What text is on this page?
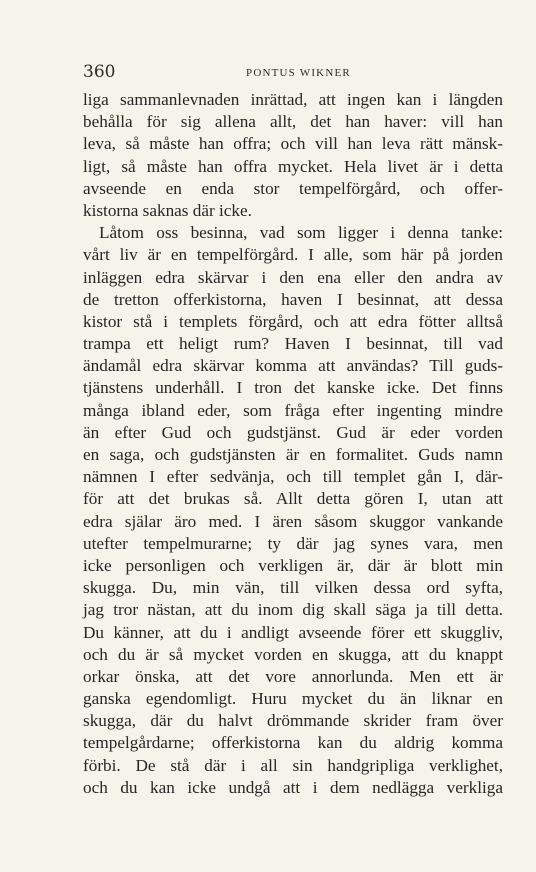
360	PONTUS WIKNER
liga sammanlevnaden inrättad, att ingen kan i längden
behålla för sig allena allt, det han haver: vill han
leva, så måste han offra; och vill han leva rätt mänsk-
ligt, så måste han offra mycket. Hela livet är i detta
avseende en enda stor tempelförgård, och offer-
kistorna saknas där icke.
Låtom oss besinna, vad som ligger i denna tanke:
vårt liv är en tempelförgård. I alle, som här på jorden
inläggen edra skärvar i den ena eller den andra av
de tretton offerkistorna, haven I besinnat, att dessa
kistor stå i templets förgård, och att edra fötter alltså
trampa ett heligt rum? Haven I besinnat, till vad
ändamål edra skärvar komma att användas? Till guds-
tjänstens underhåll. I tron det kanske icke. Det finns
många ibland eder, som fråga efter ingenting mindre
än efter Gud och gudstjänst. Gud är eder vorden
en saga, och gudstjänsten är en formalitet. Guds namn
nämnen I efter sedvänja, och till templet gån I, där-
för att det brukas så. Allt detta gören I, utan att
edra själar äro med. I ären såsom skuggor vankande
utefter tempelmurarne; ty där jag synes vara, men
icke personligen och verkligen är, där är blott min
skugga. Du, min vän, till vilken dessa ord syfta,
jag tror nästan, att du inom dig skall säga ja till detta.
Du känner, att du i andligt avseende förer ett skuggliv,
och du är så mycket vorden en skugga, att du knappt
orkar önska, att det vore annorlunda. Men ett är
ganska egendomligt. Huru mycket du än liknar en
skugga, där du halvt drömmande skrider fram över
tempelgårdarne; offerkistorna kan du aldrig komma
förbi. De stå där i all sin handgripliga verklighet,
och du kan icke undgå att i dem nedlägga verkliga
